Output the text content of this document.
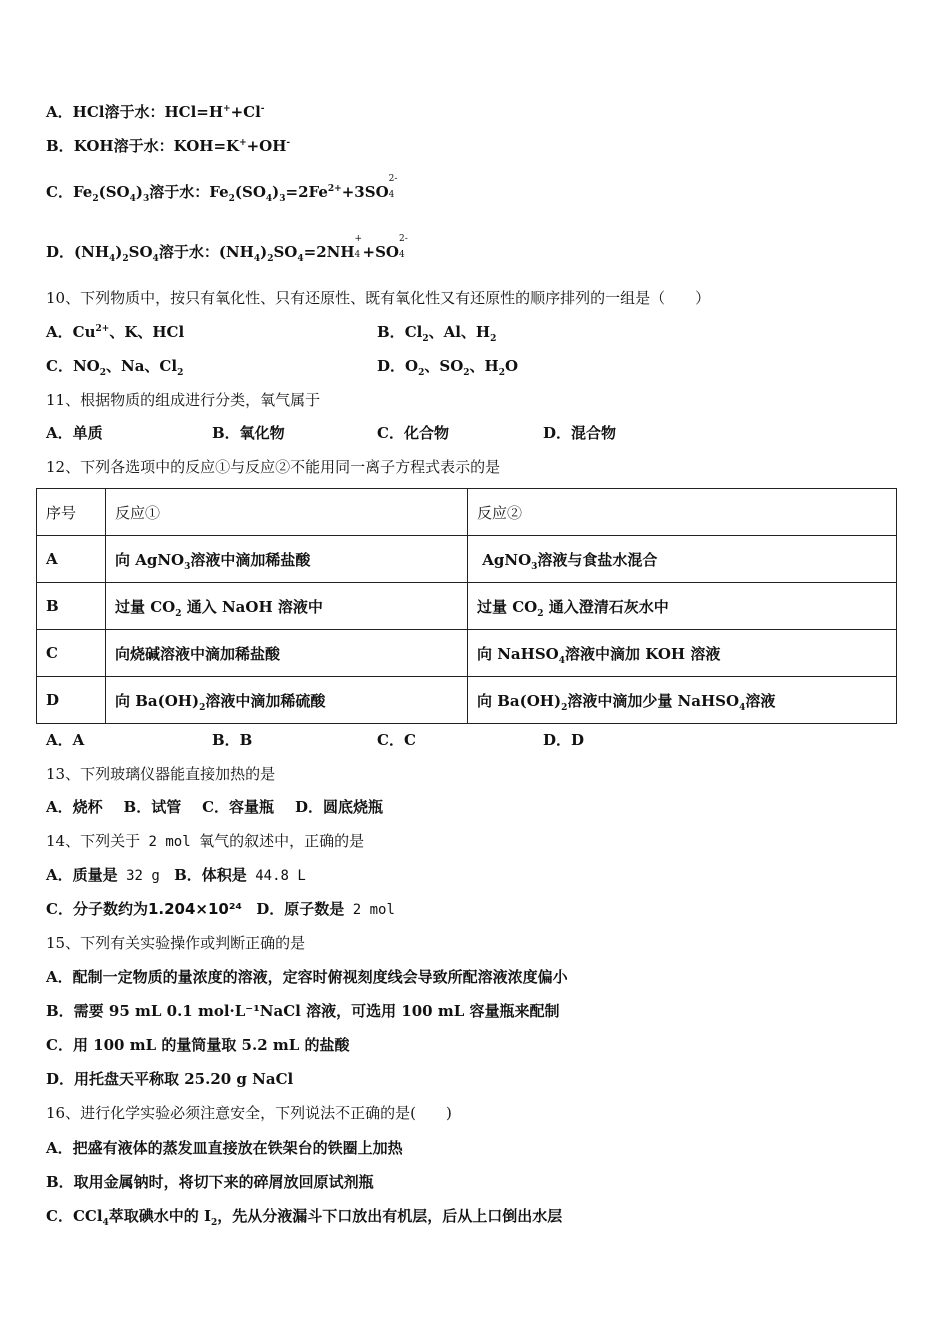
A．HCl溶于水：HCl=H++Cl-
B．KOH溶于水：KOH=K++OH-
C．$Fe_2(SO_4)_3$溶于水：$Fe_2(SO_4)_3=2Fe^{2+}+3SO$
2-
4
D．$(NH_4)_2SO_4$溶于水：$(NH_4)_2SO_4=2NH$
+
4 +SO
2-
4
10、下列物质中，按只有氧化性、只有还原性、既有氧化性又有还原性的顺序排列的一组是（　　）
A．$Cu^{2+}$、K、HCl	B．$Cl_2$、Al、$H_2$
C．$NO_2$、Na、$Cl_2$	D．$O_2$、$SO_2$、$H_2O$
11、根据物质的组成进行分类，氧气属于
A．单质	B．氧化物	C．化合物	D．混合物
12、下列各选项中的反应①与反应②不能用同一离子方程式表示的是
序号	反应①	反应②
A	向 AgNO$_3$溶液中滴加稀盐酸	AgNO$_3$溶液与食盐水混合
B	过量 $CO_2$ 通入 NaOH 溶液中	过量 $CO_2$ 通入澄清石灰水中
C	向烧碱溶液中滴加稀盐酸	向 NaHSO$_4$溶液中滴加 KOH 溶液
D	向 $Ba(OH)_2$溶液中滴加稀硫酸	向 $Ba(OH)_2$溶液中滴加少量 NaHSO$_4$溶液
A．A	B．B	C．C	D．D
13、下列玻璃仪器能直接加热的是
A．烧杯 B．试管 C．容量瓶 D．圆底烧瓶
14、下列关于 2 mol 氧气的叙述中，正确的是
A．质量是 32 g B．体积是 44.8 L
C．分子数约为1.204×10²⁴ D．原子数是 2 mol
15、下列有关实验操作或判断正确的是
A．配制一定物质的量浓度的溶液，定容时俯视刻度线会导致所配溶液浓度偏小
B．需要 95 mL 0.1 mol·L⁻¹NaCl 溶液，可选用 100 mL 容量瓶来配制
C．用 100 mL 的量筒量取 5.2 mL 的盐酸
D．用托盘天平称取 25.20 g NaCl
16、进行化学实验必须注意安全，下列说法不正确的是(　　)
A．把盛有液体的蒸发皿直接放在铁架台的铁圈上加热
B．取用金属钠时，将切下来的碎屑放回原试剂瓶
C．CCl$_4$萃取碘水中的 $I_2$，先从分液漏斗下口放出有机层，后从上口倒出水层
